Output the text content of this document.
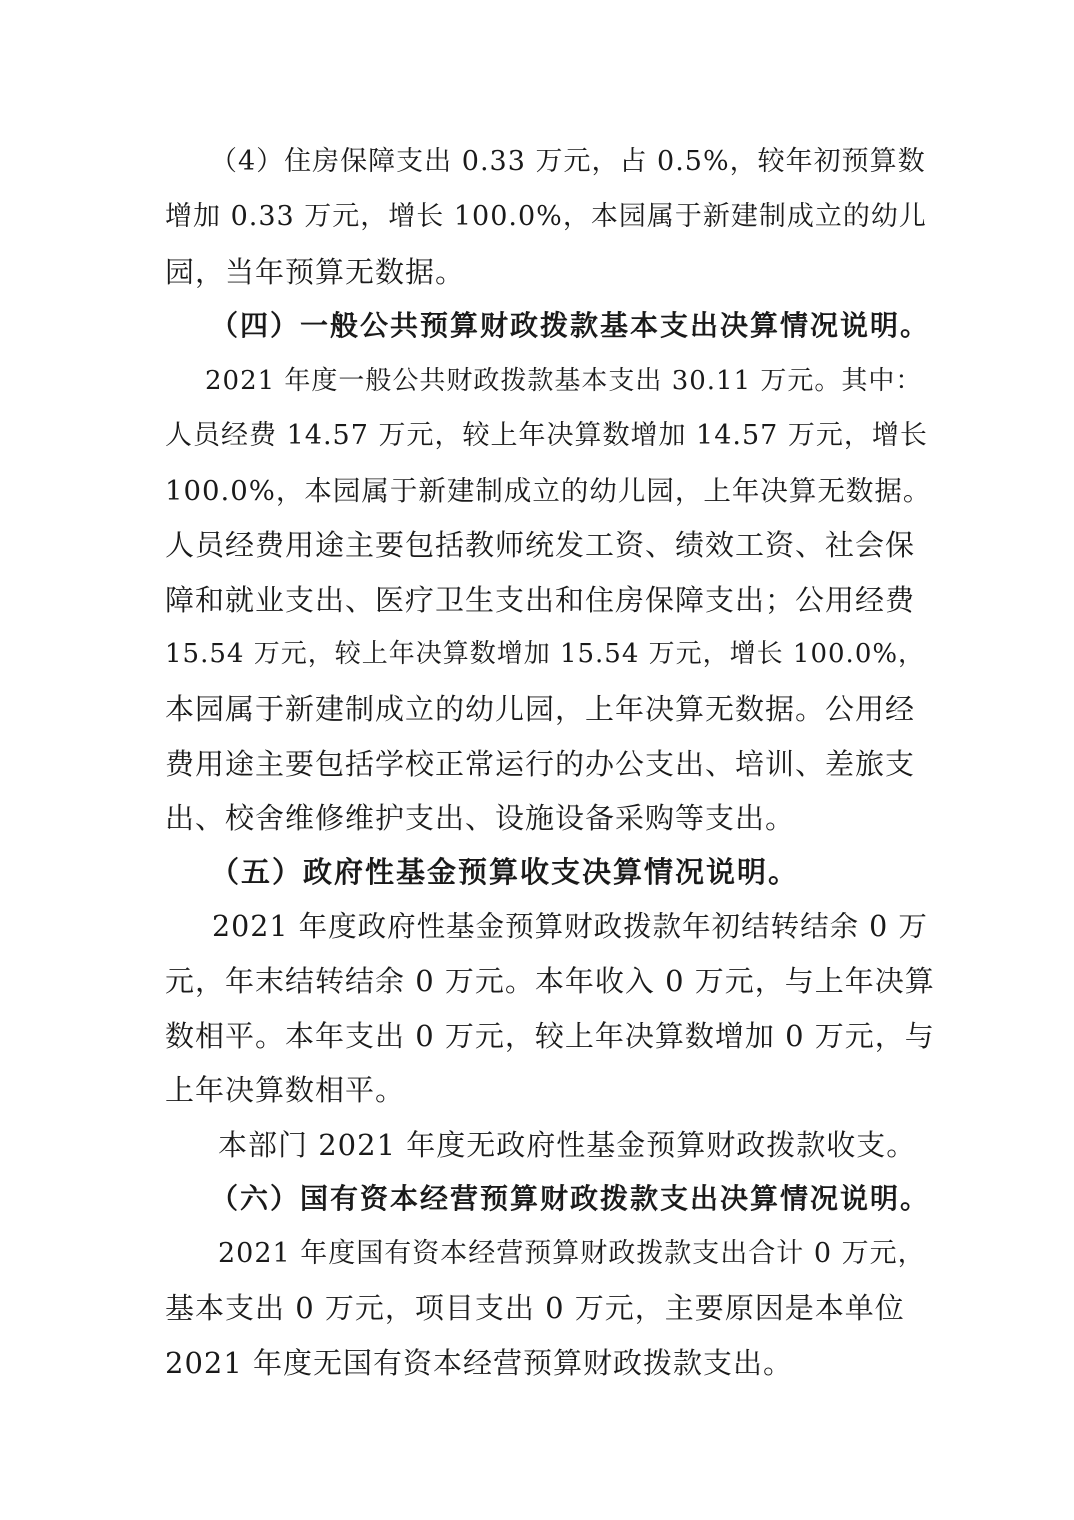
（4）住房保障支出 0.33 万元，占 0.5%，较年初预算数
增加 0.33 万元，增长 100.0%，本园属于新建制成立的幼儿
园，当年预算无数据。
（四）一般公共预算财政拨款基本支出决算情况说明。
2021 年度一般公共财政拨款基本支出 30.11 万元。其中：
人员经费 14.57 万元，较上年决算数增加 14.57 万元，增长
100.0%，本园属于新建制成立的幼儿园，上年决算无数据。
人员经费用途主要包括教师统发工资、绩效工资、社会保
障和就业支出、医疗卫生支出和住房保障支出；公用经费
15.54 万元，较上年决算数增加 15.54 万元，增长 100.0%，
本园属于新建制成立的幼儿园，上年决算无数据。公用经
费用途主要包括学校正常运行的办公支出、培训、差旅支
出、校舍维修维护支出、设施设备采购等支出。
（五）政府性基金预算收支决算情况说明。
2021 年度政府性基金预算财政拨款年初结转结余 0 万
元，年末结转结余 0 万元。本年收入 0 万元，与上年决算
数相平。本年支出 0 万元，较上年决算数增加 0 万元，与
上年决算数相平。
本部门 2021 年度无政府性基金预算财政拨款收支。
（六）国有资本经营预算财政拨款支出决算情况说明。
2021 年度国有资本经营预算财政拨款支出合计 0 万元，
基本支出 0 万元，项目支出 0 万元，主要原因是本单位
2021 年度无国有资本经营预算财政拨款支出。
